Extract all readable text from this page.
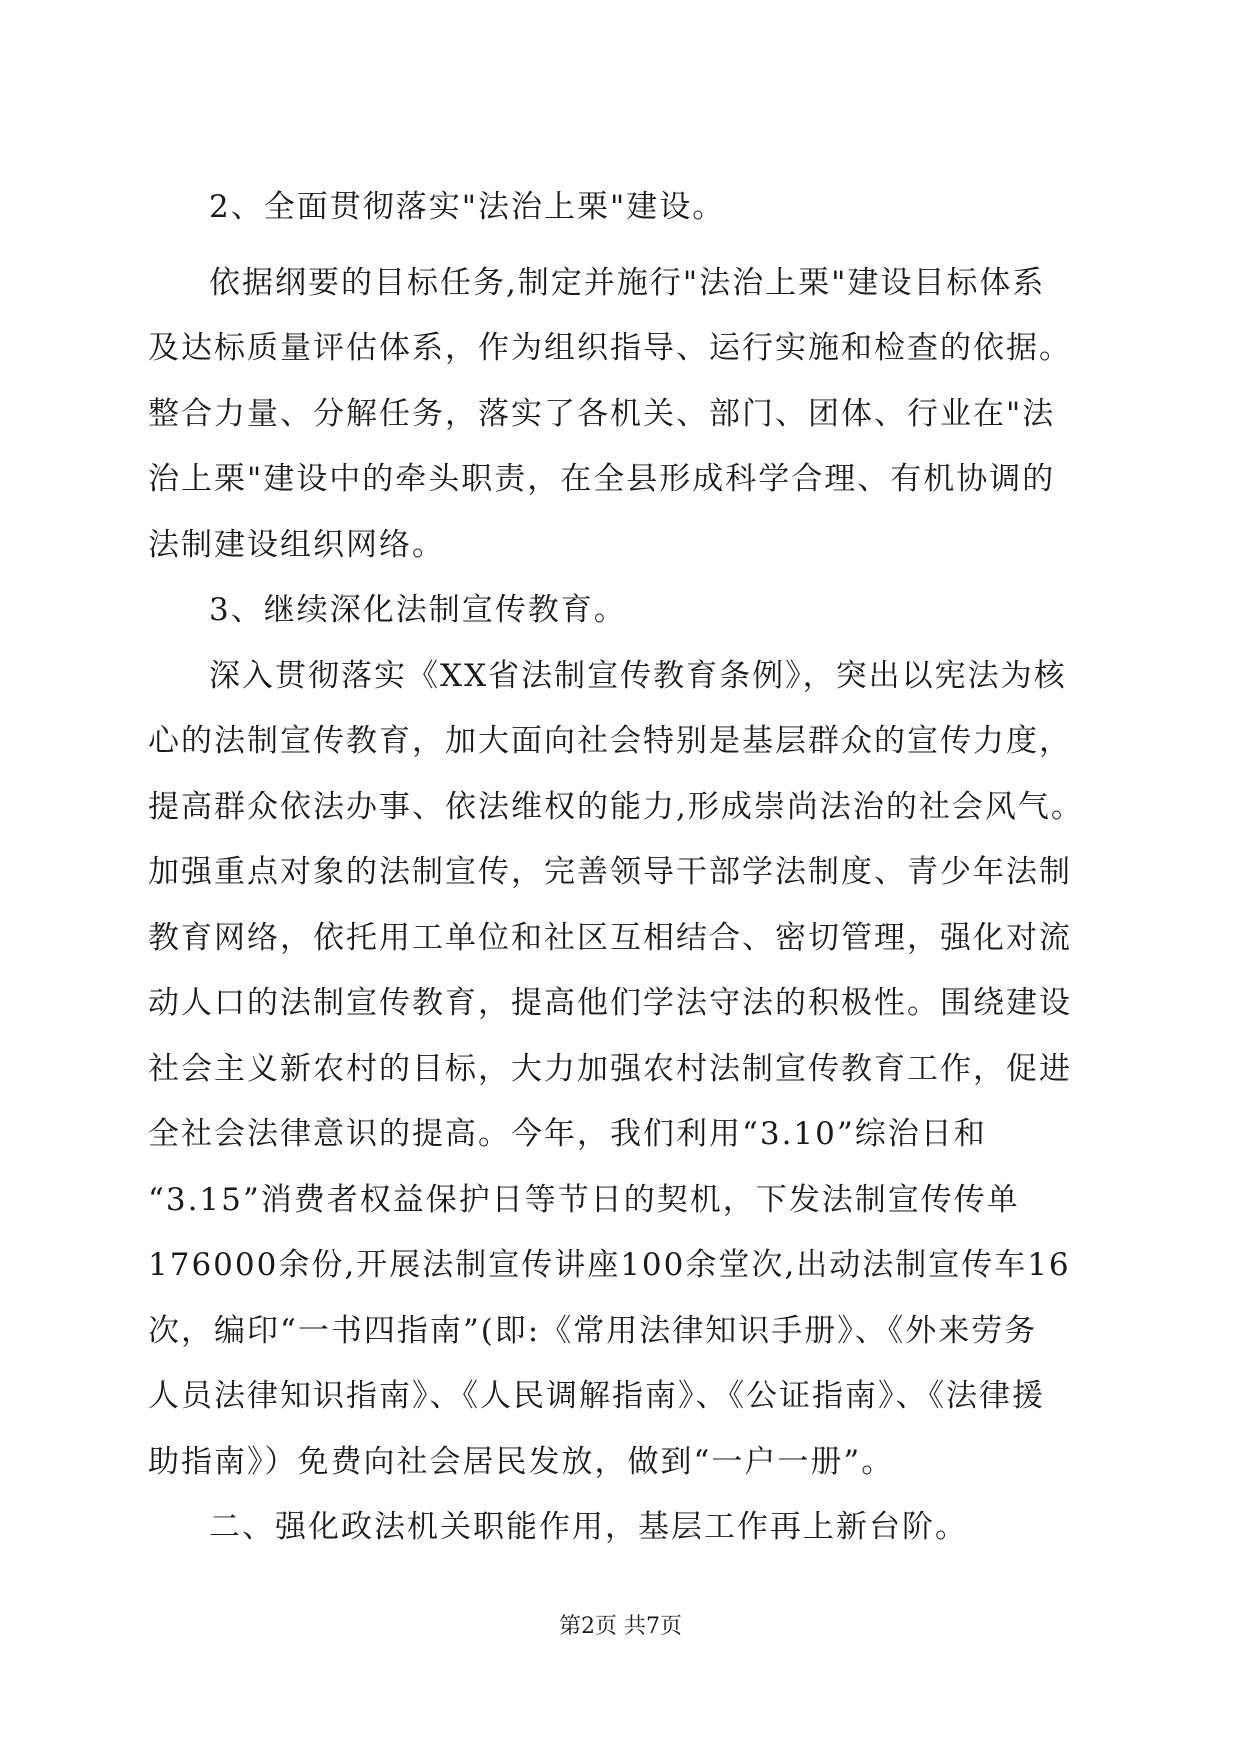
2、全面贯彻落实"法治上栗"建设。
依据纲要的目标任务,制定并施行"法治上栗"建设目标体系
及达标质量评估体系，作为组织指导、运行实施和检查的依据。
整合力量、分解任务，落实了各机关、部门、团体、行业在"法
治上栗"建设中的牵头职责，在全县形成科学合理、有机协调的
法制建设组织网络。
3、继续深化法制宣传教育。
深入贯彻落实《XX省法制宣传教育条例》，突出以宪法为核
心的法制宣传教育，加大面向社会特别是基层群众的宣传力度，
提高群众依法办事、依法维权的能力,形成崇尚法治的社会风气。
加强重点对象的法制宣传，完善领导干部学法制度、青少年法制
教育网络，依托用工单位和社区互相结合、密切管理，强化对流
动人口的法制宣传教育，提高他们学法守法的积极性。围绕建设
社会主义新农村的目标，大力加强农村法制宣传教育工作，促进
全社会法律意识的提高。今年，我们利用“3.10”综治日和
“3.15”消费者权益保护日等节日的契机，下发法制宣传传单
176000余份,开展法制宣传讲座100余堂次,出动法制宣传车16
次，编印“一书四指南”(即:《常用法律知识手册》、《外来劳务
人员法律知识指南》、《人民调解指南》、《公证指南》、《法律援
助指南》）免费向社会居民发放，做到“一户一册”。
二、强化政法机关职能作用，基层工作再上新台阶。
第2页 共7页
